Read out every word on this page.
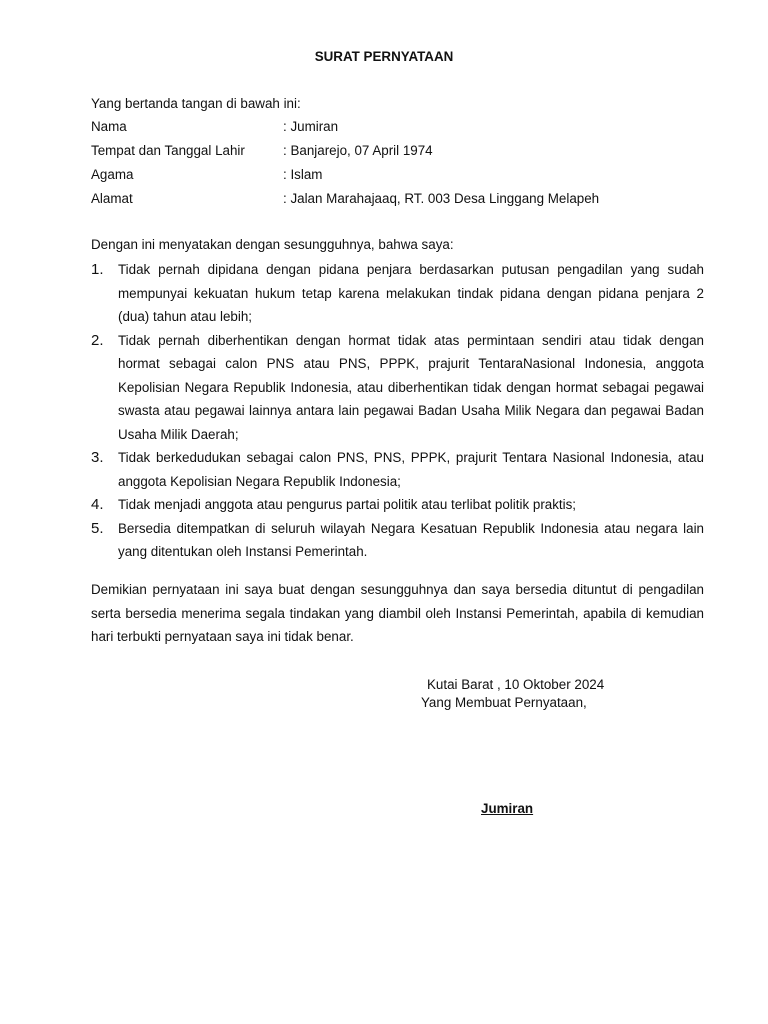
SURAT PERNYATAAN

Yang bertanda tangan di bawah ini:

Nama	: Jumiran
Tempat dan Tanggal Lahir	: Banjarejo, 07 April 1974
Agama	: Islam
Alamat	: Jalan Marahajaaq, RT. 003 Desa Linggang Melapeh

Dengan ini menyatakan dengan sesungguhnya, bahwa saya:

1.	Tidak pernah dipidana dengan pidana penjara berdasarkan putusan pengadilan yang sudah mempunyai kekuatan hukum tetap karena melakukan tindak pidana dengan pidana penjara 2 (dua) tahun atau lebih;
2.	Tidak pernah diberhentikan dengan hormat tidak atas permintaan sendiri atau tidak dengan hormat sebagai calon PNS atau PNS, PPPK, prajurit TentaraNasional Indonesia, anggota Kepolisian Negara Republik Indonesia, atau diberhentikan tidak dengan hormat sebagai pegawai swasta atau pegawai lainnya antara lain pegawai Badan Usaha Milik Negara dan pegawai Badan Usaha Milik Daerah;
3.	Tidak berkedudukan sebagai calon PNS, PNS, PPPK, prajurit Tentara Nasional Indonesia, atau anggota Kepolisian Negara Republik Indonesia;
4.	Tidak menjadi anggota atau pengurus partai politik atau terlibat politik praktis;
5.	Bersedia ditempatkan di seluruh wilayah Negara Kesatuan Republik Indonesia atau negara lain yang ditentukan oleh Instansi Pemerintah.

Demikian pernyataan ini saya buat dengan sesungguhnya dan saya bersedia dituntut di pengadilan serta bersedia menerima segala tindakan yang diambil oleh Instansi Pemerintah, apabila di kemudian hari terbukti pernyataan saya ini tidak benar.

Kutai Barat , 10 Oktober 2024

Yang Membuat Pernyataan,

Jumiran
